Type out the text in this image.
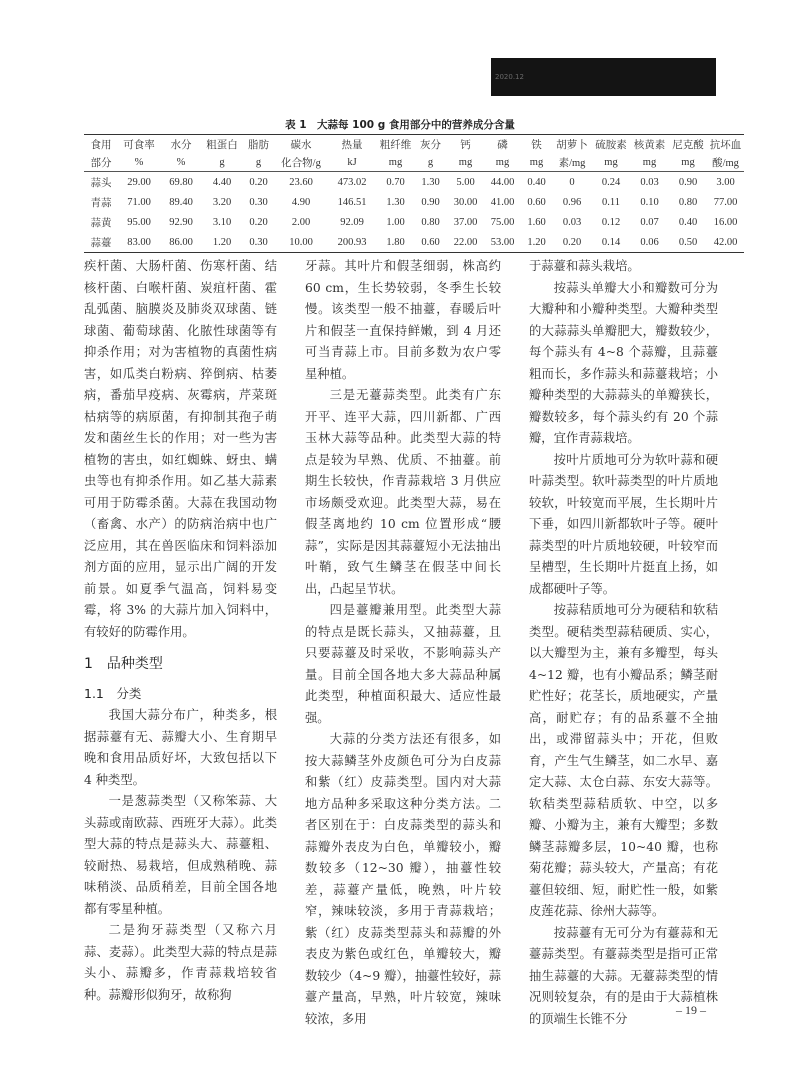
2020.12
表 1　大蒜每 100 g 食用部分中的营养成分含量
食用	可食率	水分	粗蛋白	脂肪	碳水	热量	粗纤维	灰分	钙	磷	铁	胡萝卜	硫胺素	核黄素	尼克酸	抗坏血
部分	%	%	g	g	化合物/g	kJ	mg	g	mg	mg	mg	素/mg	mg	mg	mg	酸/mg
蒜头	29.00	69.80	4.40	0.20	23.60	473.02	0.70	1.30	5.00	44.00	0.40	0	0.24	0.03	0.90	3.00
青蒜	71.00	89.40	3.20	0.30	4.90	146.51	1.30	0.90	30.00	41.00	0.60	0.96	0.11	0.10	0.80	77.00
蒜黄	95.00	92.90	3.10	0.20	2.00	92.09	1.00	0.80	37.00	75.00	1.60	0.03	0.12	0.07	0.40	16.00
蒜薹	83.00	86.00	1.20	0.30	10.00	200.93	1.80	0.60	22.00	53.00	1.20	0.20	0.14	0.06	0.50	42.00

疾杆菌、大肠杆菌、伤寒杆菌、结核杆菌、白喉杆菌、炭疽杆菌、霍乱弧菌、脑膜炎及肺炎双球菌、链球菌、葡萄球菌、化脓性球菌等有抑杀作用；对为害植物的真菌性病害，如瓜类白粉病、猝倒病、枯萎病，番茄早疫病、灰霉病，芹菜斑枯病等的病原菌，有抑制其孢子萌发和菌丝生长的作用；对一些为害植物的害虫，如红蜘蛛、蚜虫、螨虫等也有抑杀作用。如乙基大蒜素可用于防霉杀菌。大蒜在我国动物（畜禽、水产）的防病治病中也广泛应用，其在兽医临床和饲料添加剂方面的应用，显示出广阔的开发前景。如夏季气温高，饲料易变霉，将 3% 的大蒜片加入饲料中，有较好的防霉作用。

1　品种类型
1.1　分类

我国大蒜分布广，种类多，根据蒜薹有无、蒜瓣大小、生育期早晚和食用品质好坏，大致包括以下 4 种类型。

一是葱蒜类型（又称笨蒜、大头蒜或南欧蒜、西班牙大蒜）。此类型大蒜的特点是蒜头大、蒜薹粗、较耐热、易栽培，但成熟稍晚、蒜味稍淡、品质稍差，目前全国各地都有零星种植。

二是狗牙蒜类型（又称六月蒜、麦蒜）。此类型大蒜的特点是蒜头小、蒜瓣多，作青蒜栽培较省种。蒜瓣形似狗牙，故称狗

牙蒜。其叶片和假茎细弱，株高约 60 cm，生长势较弱，冬季生长较慢。该类型一般不抽薹，春暖后叶片和假茎一直保持鲜嫩，到 4 月还可当青蒜上市。目前多数为农户零星种植。

三是无薹蒜类型。此类有广东开平、连平大蒜，四川新都、广西玉林大蒜等品种。此类型大蒜的特点是较为早熟、优质、不抽薹。前期生长较快，作青蒜栽培 3 月供应市场颇受欢迎。此类型大蒜，易在假茎离地约 10 cm 位置形成“腰蒜”，实际是因其蒜薹短小无法抽出叶鞘，致气生鳞茎在假茎中间长出，凸起呈节状。

四是薹瓣兼用型。此类型大蒜的特点是既长蒜头，又抽蒜薹，且只要蒜薹及时采收，不影响蒜头产量。目前全国各地大多大蒜品种属此类型，种植面积最大、适应性最强。

大蒜的分类方法还有很多，如按大蒜鳞茎外皮颜色可分为白皮蒜和紫（红）皮蒜类型。国内对大蒜地方品种多采取这种分类方法。二者区别在于：白皮蒜类型的蒜头和蒜瓣外表皮为白色，单瓣较小，瓣数较多（12~30 瓣），抽薹性较差，蒜薹产量低，晚熟，叶片较窄，辣味较淡，多用于青蒜栽培；紫（红）皮蒜类型蒜头和蒜瓣的外表皮为紫色或红色，单瓣较大，瓣数较少（4~9 瓣），抽薹性较好，蒜薹产量高，早熟，叶片较宽，辣味较浓，多用

于蒜薹和蒜头栽培。

按蒜头单瓣大小和瓣数可分为大瓣种和小瓣种类型。大瓣种类型的大蒜蒜头单瓣肥大，瓣数较少，每个蒜头有 4~8 个蒜瓣，且蒜薹粗而长，多作蒜头和蒜薹栽培；小瓣种类型的大蒜蒜头的单瓣狭长，瓣数较多，每个蒜头约有 20 个蒜瓣，宜作青蒜栽培。

按叶片质地可分为软叶蒜和硬叶蒜类型。软叶蒜类型的叶片质地较软，叶较宽而平展，生长期叶片下垂，如四川新都软叶子等。硬叶蒜类型的叶片质地较硬，叶较窄而呈槽型，生长期叶片挺直上扬，如成都硬叶子等。

按蒜秸质地可分为硬秸和软秸类型。硬秸类型蒜秸硬质、实心，以大瓣型为主，兼有多瓣型，每头 4~12 瓣，也有小瓣品系；鳞茎耐贮性好；花茎长，质地硬实，产量高，耐贮存；有的品系薹不全抽出，或滞留蒜头中；开花，但败育，产生气生鳞茎，如二水早、嘉定大蒜、太仓白蒜、东安大蒜等。软秸类型蒜秸质软、中空，以多瓣、小瓣为主，兼有大瓣型；多数鳞茎蒜瓣多层，10~40 瓣，也称菊花瓣；蒜头较大，产量高；有花薹但较细、短，耐贮性一般，如紫皮莲花蒜、徐州大蒜等。

按蒜薹有无可分为有薹蒜和无薹蒜类型。有薹蒜类型是指可正常抽生蒜薹的大蒜。无薹蒜类型的情况则较复杂，有的是由于大蒜植株的顶端生长锥不分

– 19 –
